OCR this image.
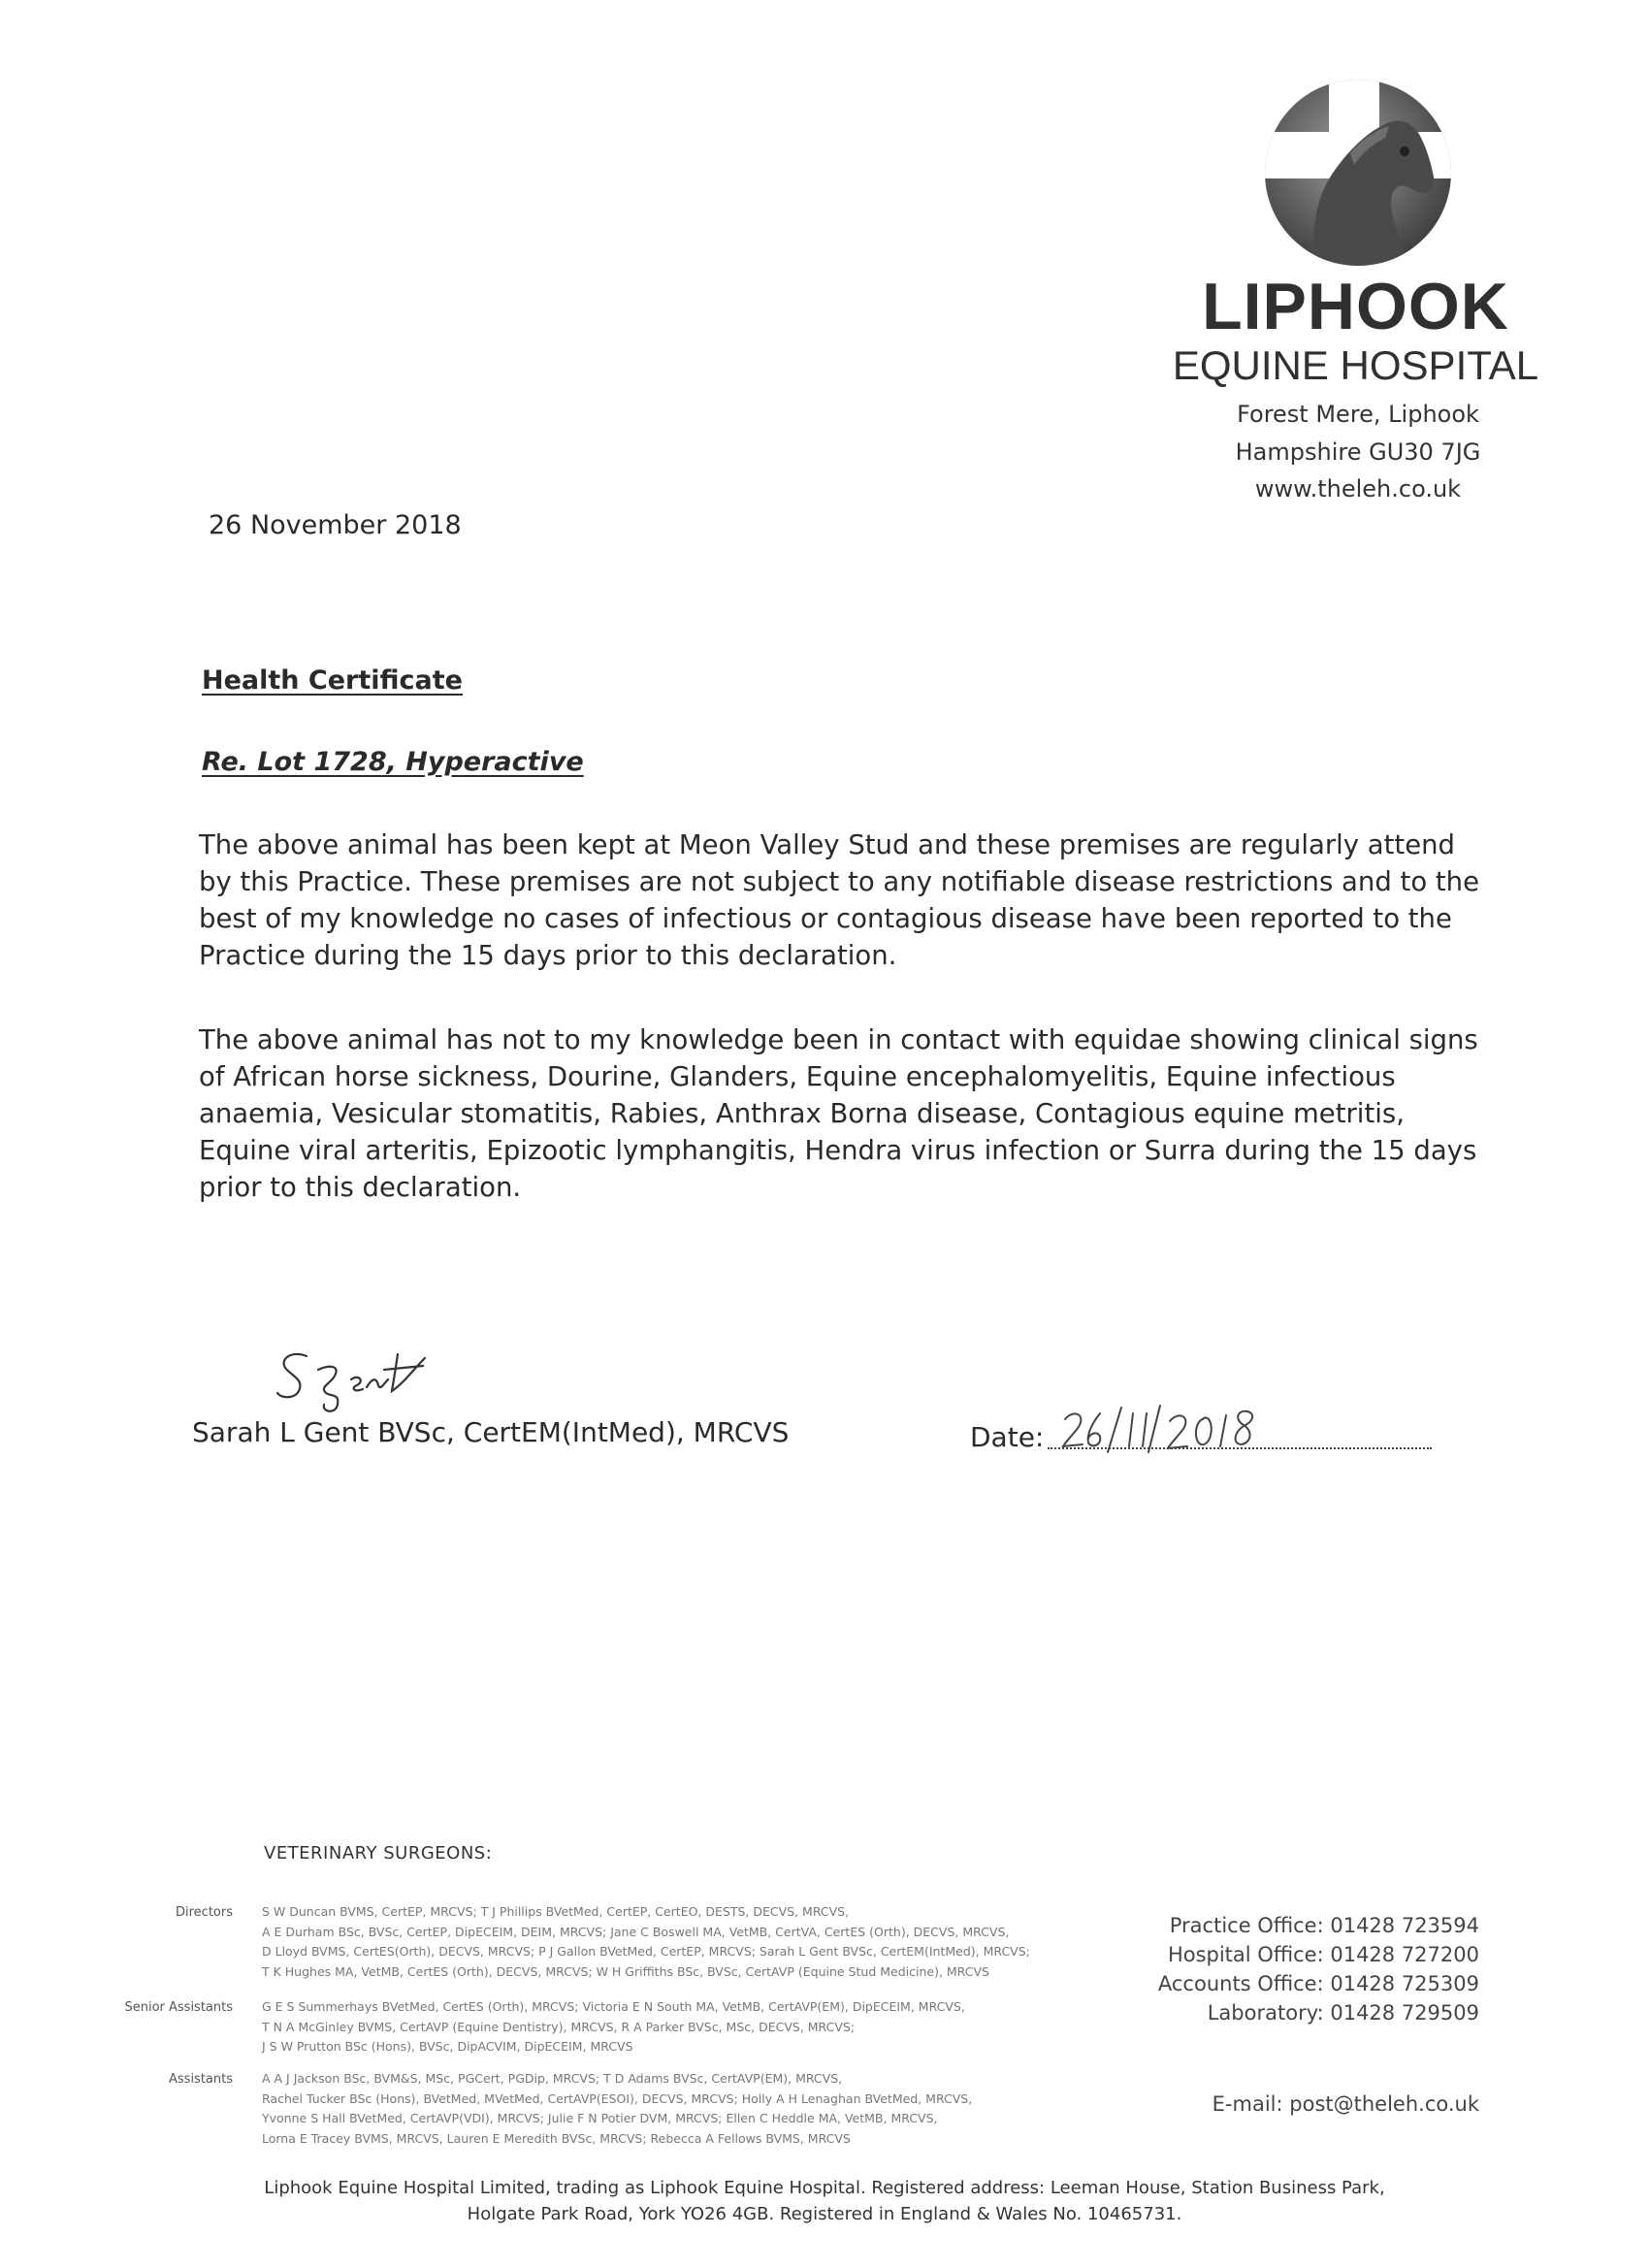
LIPHOOK
EQUINE HOSPITAL
Forest Mere, Liphook
Hampshire GU30 7JG
www.theleh.co.uk
26 November 2018
Health Certificate
Re. Lot 1728, Hyperactive
The above animal has been kept at Meon Valley Stud and these premises are regularly attend
by this Practice. These premises are not subject to any notifiable disease restrictions and to the
best of my knowledge no cases of infectious or contagious disease have been reported to the
Practice during the 15 days prior to this declaration.
The above animal has not to my knowledge been in contact with equidae showing clinical signs
of African horse sickness, Dourine, Glanders, Equine encephalomyelitis, Equine infectious
anaemia, Vesicular stomatitis, Rabies, Anthrax Borna disease, Contagious equine metritis,
Equine viral arteritis, Epizootic lymphangitis, Hendra virus infection or Surra during the 15 days
prior to this declaration.
Sarah L Gent BVSc, CertEM(IntMed), MRCVS	Date:
VETERINARY SURGEONS:
Directors S W Duncan BVMS, CertEP, MRCVS; T J Phillips BVetMed, CertEP, CertEO, DESTS, DECVS, MRCVS,
A E Durham BSc, BVSc, CertEP, DipECEIM, DEIM, MRCVS; Jane C Boswell MA, VetMB, CertVA, CertES (Orth), DECVS, MRCVS,
D Lloyd BVMS, CertES(Orth), DECVS, MRCVS; P J Gallon BVetMed, CertEP, MRCVS; Sarah L Gent BVSc, CertEM(IntMed), MRCVS;
T K Hughes MA, VetMB, CertES (Orth), DECVS, MRCVS; W H Griffiths BSc, BVSc, CertAVP (Equine Stud Medicine), MRCVS
Senior Assistants G E S Summerhays BVetMed, CertES (Orth), MRCVS; Victoria E N South MA, VetMB, CertAVP(EM), DipECEIM, MRCVS,
T N A McGinley BVMS, CertAVP (Equine Dentistry), MRCVS, R A Parker BVSc, MSc, DECVS, MRCVS;
J S W Prutton BSc (Hons), BVSc, DipACVIM, DipECEIM, MRCVS
Assistants A A J Jackson BSc, BVM&S, MSc, PGCert, PGDip, MRCVS; T D Adams BVSc, CertAVP(EM), MRCVS,
Rachel Tucker BSc (Hons), BVetMed, MVetMed, CertAVP(ESOI), DECVS, MRCVS; Holly A H Lenaghan BVetMed, MRCVS,
Yvonne S Hall BVetMed, CertAVP(VDI), MRCVS; Julie F N Potier DVM, MRCVS; Ellen C Heddle MA, VetMB, MRCVS,
Lorna E Tracey BVMS, MRCVS, Lauren E Meredith BVSc, MRCVS; Rebecca A Fellows BVMS, MRCVS
Practice Office: 01428 723594
Hospital Office: 01428 727200
Accounts Office: 01428 725309
Laboratory: 01428 729509
E-mail: post@theleh.co.uk
Liphook Equine Hospital Limited, trading as Liphook Equine Hospital. Registered address: Leeman House, Station Business Park,
Holgate Park Road, York YO26 4GB. Registered in England & Wales No. 10465731.
